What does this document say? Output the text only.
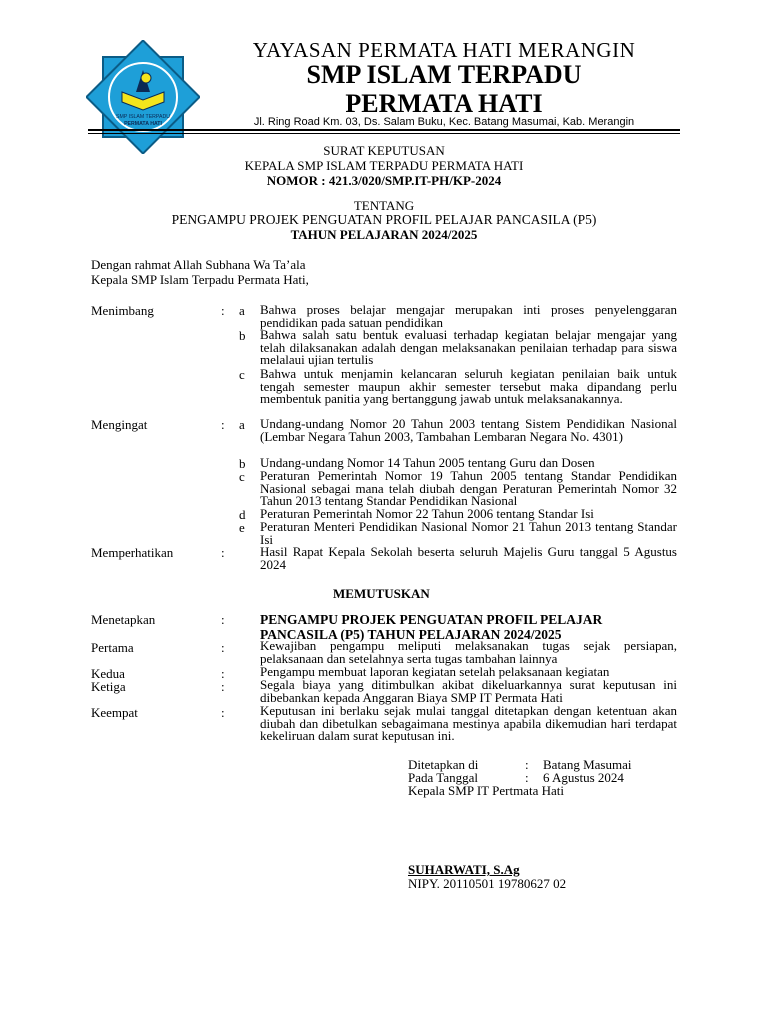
SMP ISLAM TERPADU
PERMATA HATI
YAYASAN PERMATA HATI MERANGIN
SMP ISLAM TERPADU
PERMATA HATI
Jl. Ring Road Km. 03, Ds. Salam Buku, Kec. Batang Masumai, Kab. Merangin
SURAT KEPUTUSAN
KEPALA SMP ISLAM TERPADU PERMATA HATI
NOMOR : 421.3/020/SMP.IT-PH/KP-2024
TENTANG
PENGAMPU PROJEK PENGUATAN PROFIL PELAJAR PANCASILA (P5)
TAHUN PELAJARAN 2024/2025
Dengan rahmat Allah Subhana Wa Ta’ala
Kepala SMP Islam Terpadu Permata Hati,
Menimbang	: a	Bahwa proses belajar mengajar merupakan inti proses penyelenggaran pendidikan pada satuan pendidikan
b Bahwa salah satu bentuk evaluasi terhadap kegiatan belajar mengajar yang telah dilaksanakan adalah dengan melaksanakan penilaian terhadap para siswa melalaui ujian tertulis
c	Bahwa untuk menjamin kelancaran seluruh kegiatan penilaian baik untuk tengah semester maupun akhir semester tersebut maka dipandang perlu membentuk panitia yang bertanggung jawab untuk melaksanakannya.
Mengingat	: a	Undang-undang Nomor 20 Tahun 2003 tentang Sistem Pendidikan Nasional (Lembar Negara Tahun 2003, Tambahan Lembaran Negara No. 4301)
b Undang-undang Nomor 14 Tahun 2005 tentang Guru dan Dosen
c	Peraturan Pemerintah Nomor 19 Tahun 2005 tentang Standar Pendidikan Nasional sebagai mana telah diubah dengan Peraturan Pemerintah Nomor 32 Tahun 2013 tentang Standar Pendidikan Nasional
d Peraturan Pemerintah Nomor 22 Tahun 2006 tentang Standar Isi
e	Peraturan Menteri Pendidikan Nasional Nomor 21 Tahun 2013 tentang Standar Isi
Memperhatikan	:	Hasil Rapat Kepala Sekolah beserta seluruh Majelis Guru tanggal 5 Agustus 2024
MEMUTUSKAN
Menetapkan	:	PENGAMPU PROJEK PENGUATAN PROFIL PELAJAR PANCASILA (P5) TAHUN PELAJARAN 2024/2025
Pertama	:	Kewajiban pengampu meliputi melaksanakan tugas sejak persiapan, pelaksanaan dan setelahnya serta tugas tambahan lainnya
Kedua	:	Pengampu membuat laporan kegiatan setelah pelaksanaan kegiatan
Ketiga	:	Segala biaya yang ditimbulkan akibat dikeluarkannya surat keputusan ini dibebankan kepada Anggaran Biaya SMP IT Permata Hati
Keempat	:	Keputusan ini berlaku sejak mulai tanggal ditetapkan dengan ketentuan akan diubah dan dibetulkan sebagaimana mestinya apabila dikemudian hari terdapat kekeliruan dalam surat keputusan ini.
Ditetapkan di	: Batang Masumai
Pada Tanggal	: 6 Agustus 2024
Kepala SMP IT Pertmata Hati
SUHARWATI, S.Ag
NIPY. 20110501 19780627 02
